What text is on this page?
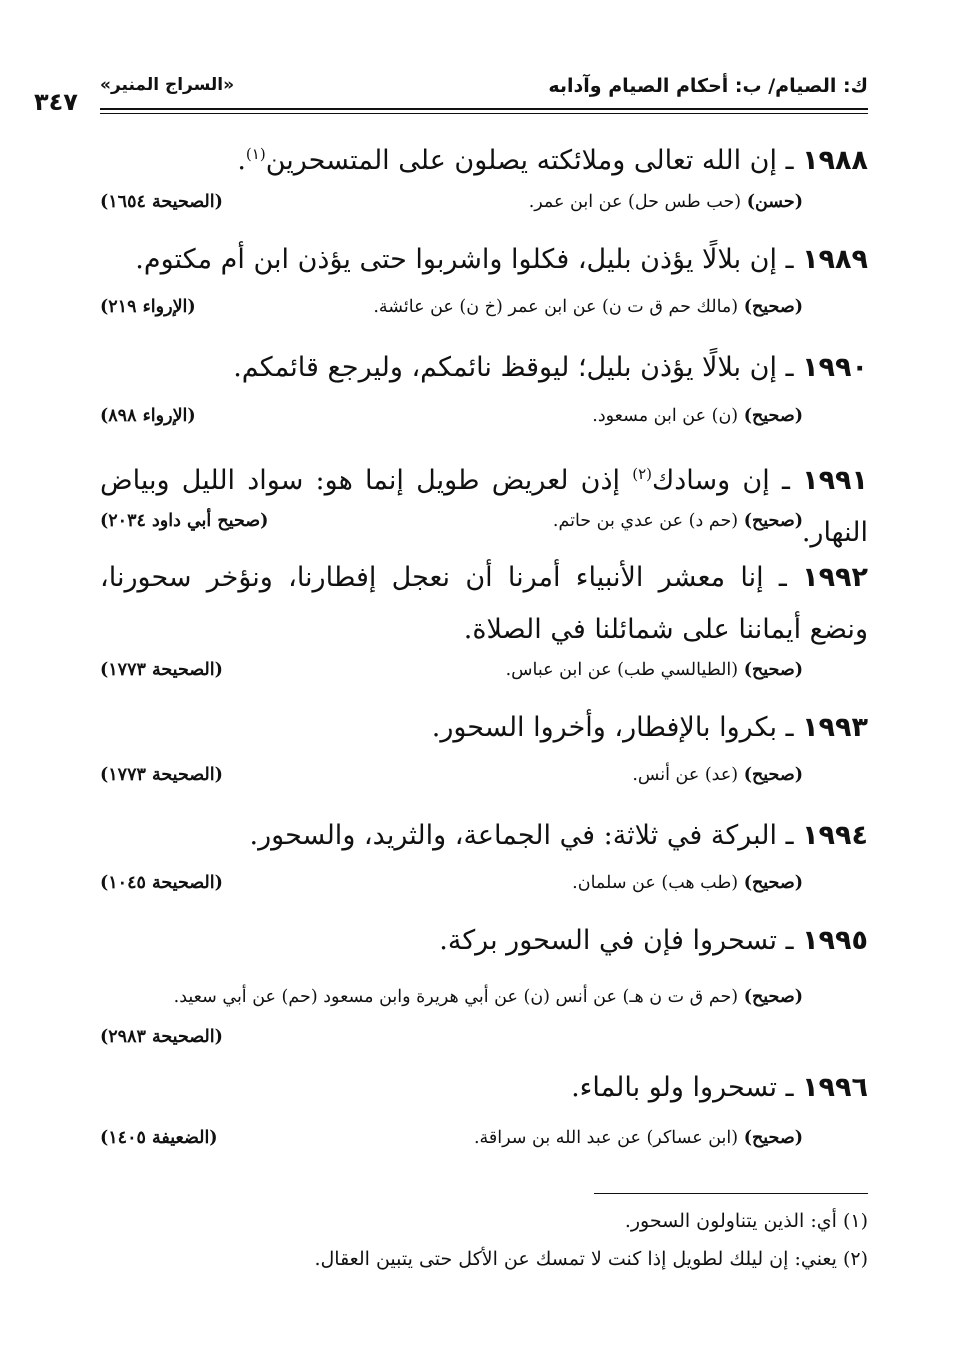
ك: الصيام/ ب: أحكام الصيام وآدابه
«السراج المنير»
٣٤٧
١٩٨٨ ـ إن الله تعالى وملائكته يصلون على المتسحرين$^{(١)}$.
(حسن) (حب طس حل) عن ابن عمر.
(الصحيحة ١٦٥٤)
١٩٨٩ ـ إن بلالًا يؤذن بليل، فكلوا واشربوا حتى يؤذن ابن أم مكتوم.
(صحيح) (مالك حم ق ت ن) عن ابن عمر (خ ن) عن عائشة.
(الإرواء ٢١٩)
١٩٩٠ ـ إن بلالًا يؤذن بليل؛ ليوقظ نائمكم، وليرجع قائمكم.
(صحيح) (ن) عن ابن مسعود.
(الإرواء ٨٩٨)
١٩٩١ ـ إن وسادك$^{(٢)}$ إذن لعريض طويل إنما هو: سواد الليل وبياض النهار.
(صحيح) (حم د) عن عدي بن حاتم.
(صحيح أبي داود ٢٠٣٤)
١٩٩٢ ـ إنا معشر الأنبياء أمرنا أن نعجل إفطارنا، ونؤخر سحورنا، ونضع أيماننا على شمائلنا في الصلاة.
(صحيح) (الطيالسي طب) عن ابن عباس.
(الصحيحة ١٧٧٣)
١٩٩٣ ـ بكروا بالإفطار، وأخروا السحور.
(صحيح) (عد) عن أنس.
(الصحيحة ١٧٧٣)
١٩٩٤ ـ البركة في ثلاثة: في الجماعة، والثريد، والسحور.
(صحيح) (طب هب) عن سلمان.
(الصحيحة ١٠٤٥)
١٩٩٥ ـ تسحروا فإن في السحور بركة.
(صحيح) (حم ق ت ن هـ) عن أنس (ن) عن أبي هريرة وابن مسعود (حم) عن أبي سعيد.
(الصحيحة ٢٩٨٣)
١٩٩٦ ـ تسحروا ولو بالماء.
(صحيح) (ابن عساكر) عن عبد الله بن سراقة.
(الضعيفة ١٤٠٥)
(١) أي: الذين يتناولون السحور.
(٢) يعني: إن ليلك لطويل إذا كنت لا تمسك عن الأكل حتى يتبين العقال.
